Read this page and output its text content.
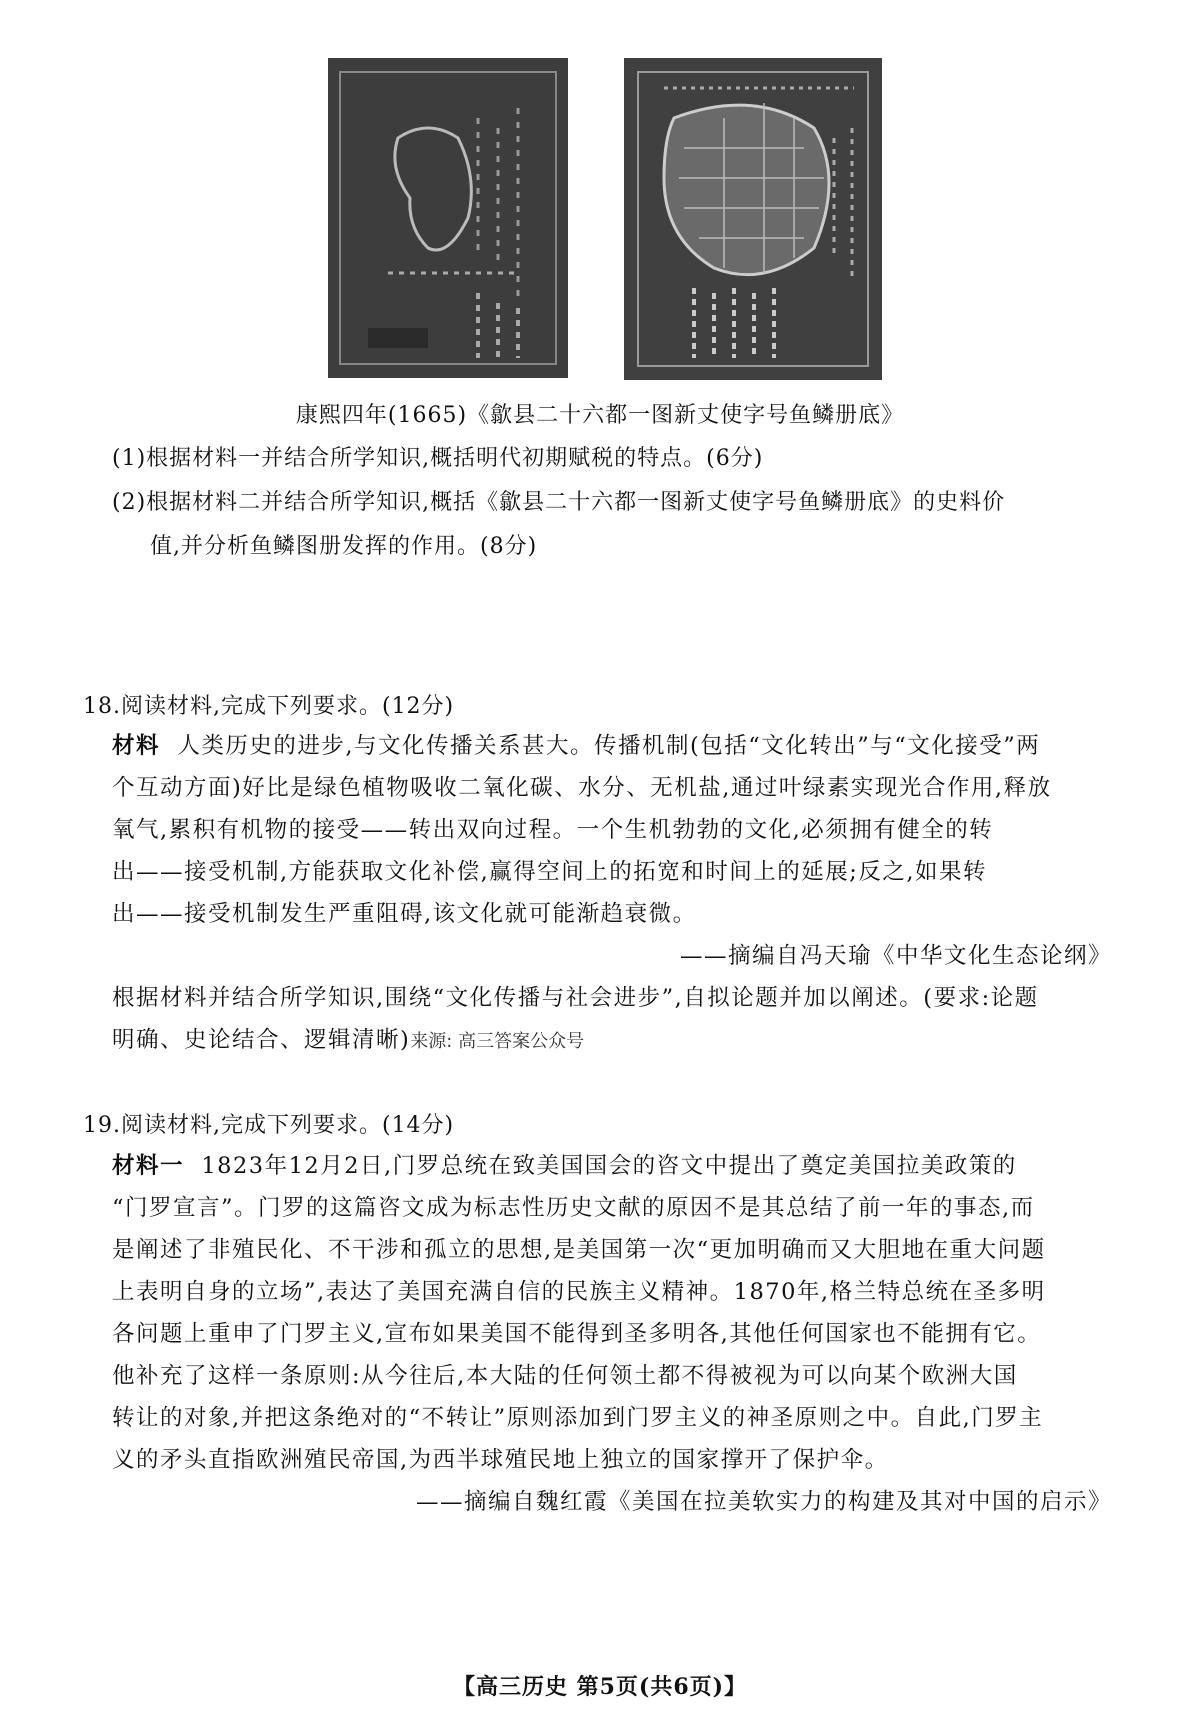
康熙四年(1665)《歙县二十六都一图新丈使字号鱼鳞册底》
(1)根据材料一并结合所学知识,概括明代初期赋税的特点。(6分)
(2)根据材料二并结合所学知识,概括《歙县二十六都一图新丈使字号鱼鳞册底》的史料价
值,并分析鱼鳞图册发挥的作用。(8分)
18.阅读材料,完成下列要求。(12分)

材料 人类历史的进步,与文化传播关系甚大。传播机制(包括“文化转出”与“文化接受”两

个互动方面)好比是绿色植物吸收二氧化碳、水分、无机盐,通过叶绿素实现光合作用,释放

氧气,累积有机物的接受——转出双向过程。一个生机勃勃的文化,必须拥有健全的转

出——接受机制,方能获取文化补偿,赢得空间上的拓宽和时间上的延展;反之,如果转

出——接受机制发生严重阻碍,该文化就可能渐趋衰微。

——摘编自冯天瑜《中华文化生态论纲》

根据材料并结合所学知识,围绕“文化传播与社会进步”,自拟论题并加以阐述。(要求:论题

明确、史论结合、逻辑清晰)来源: 高三答案公众号

19.阅读材料,完成下列要求。(14分)

材料一 1823年12月2日,门罗总统在致美国国会的咨文中提出了奠定美国拉美政策的

“门罗宣言”。门罗的这篇咨文成为标志性历史文献的原因不是其总结了前一年的事态,而

是阐述了非殖民化、不干涉和孤立的思想,是美国第一次“更加明确而又大胆地在重大问题

上表明自身的立场”,表达了美国充满自信的民族主义精神。1870年,格兰特总统在圣多明

各问题上重申了门罗主义,宣布如果美国不能得到圣多明各,其他任何国家也不能拥有它。

他补充了这样一条原则:从今往后,本大陆的任何领土都不得被视为可以向某个欧洲大国

转让的对象,并把这条绝对的“不转让”原则添加到门罗主义的神圣原则之中。自此,门罗主

义的矛头直指欧洲殖民帝国,为西半球殖民地上独立的国家撑开了保护伞。

——摘编自魏红霞《美国在拉美软实力的构建及其对中国的启示》

【高三历史 第5页(共6页)】
